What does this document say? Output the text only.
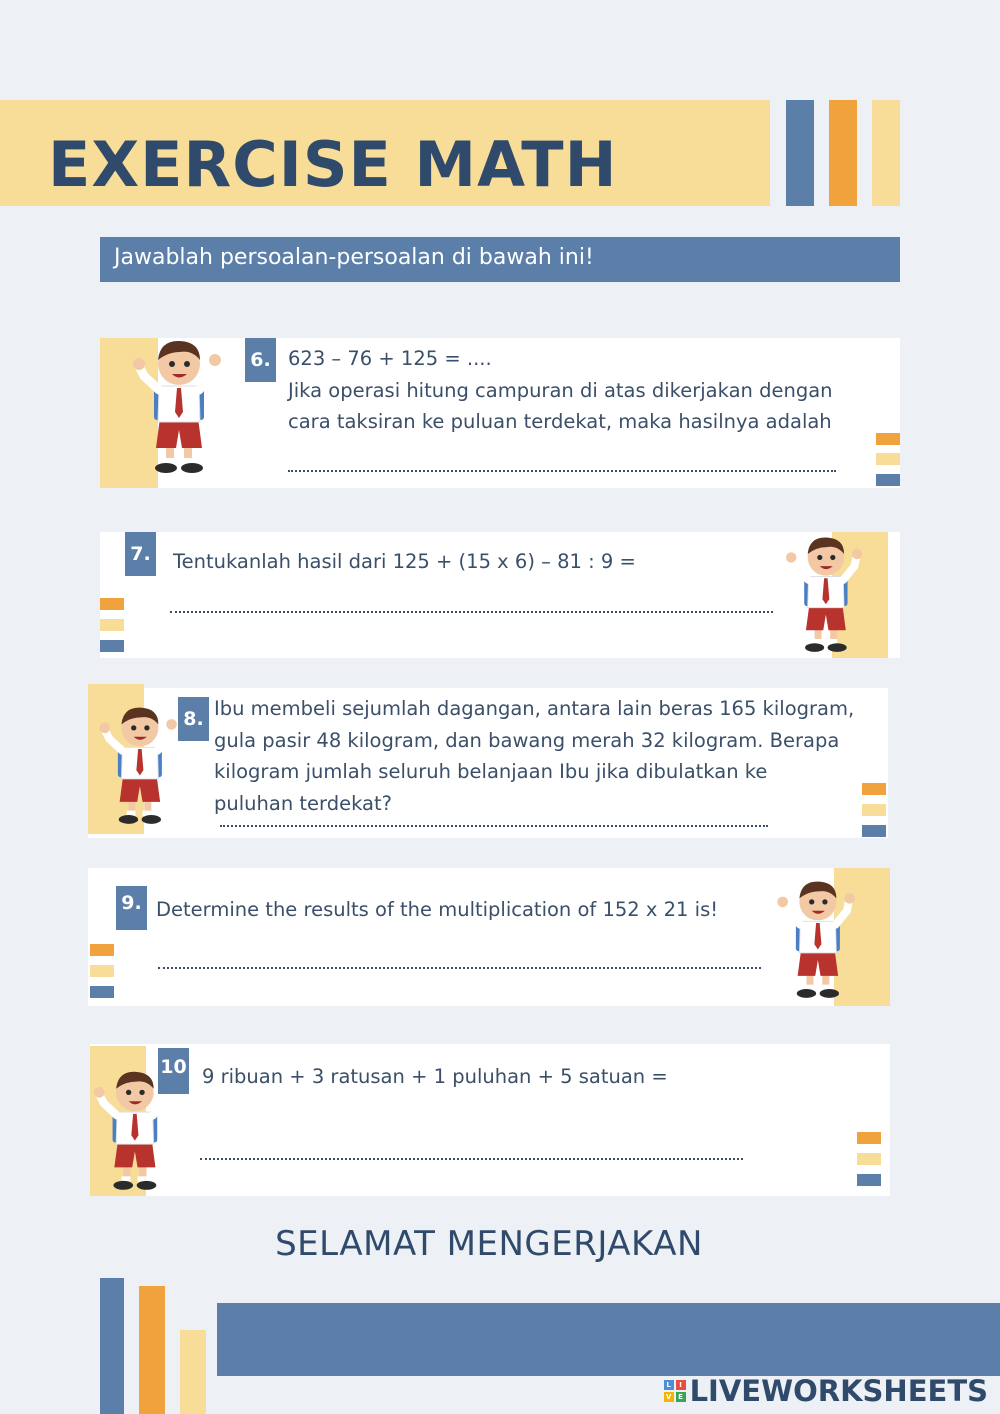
EXERCISE MATH
Jawablah persoalan-persoalan di bawah ini!
6. 623 – 76 + 125 = ....
Jika operasi hitung campuran di atas dikerjakan dengan
cara taksiran ke puluan terdekat, maka hasilnya adalah
7. Tentukanlah hasil dari 125 + (15 x 6) – 81 : 9 =
8. Ibu membeli sejumlah dagangan, antara lain beras 165 kilogram,
gula pasir 48 kilogram, dan bawang merah 32 kilogram. Berapa
kilogram jumlah seluruh belanjaan Ibu jika dibulatkan ke
puluhan terdekat?
9. Determine the results of the multiplication of 152 x 21 is!
10 9 ribuan + 3 ratusan + 1 puluhan + 5 satuan =
SELAMAT MENGERJAKAN
L	I
V E LIVEWORKSHEETS
